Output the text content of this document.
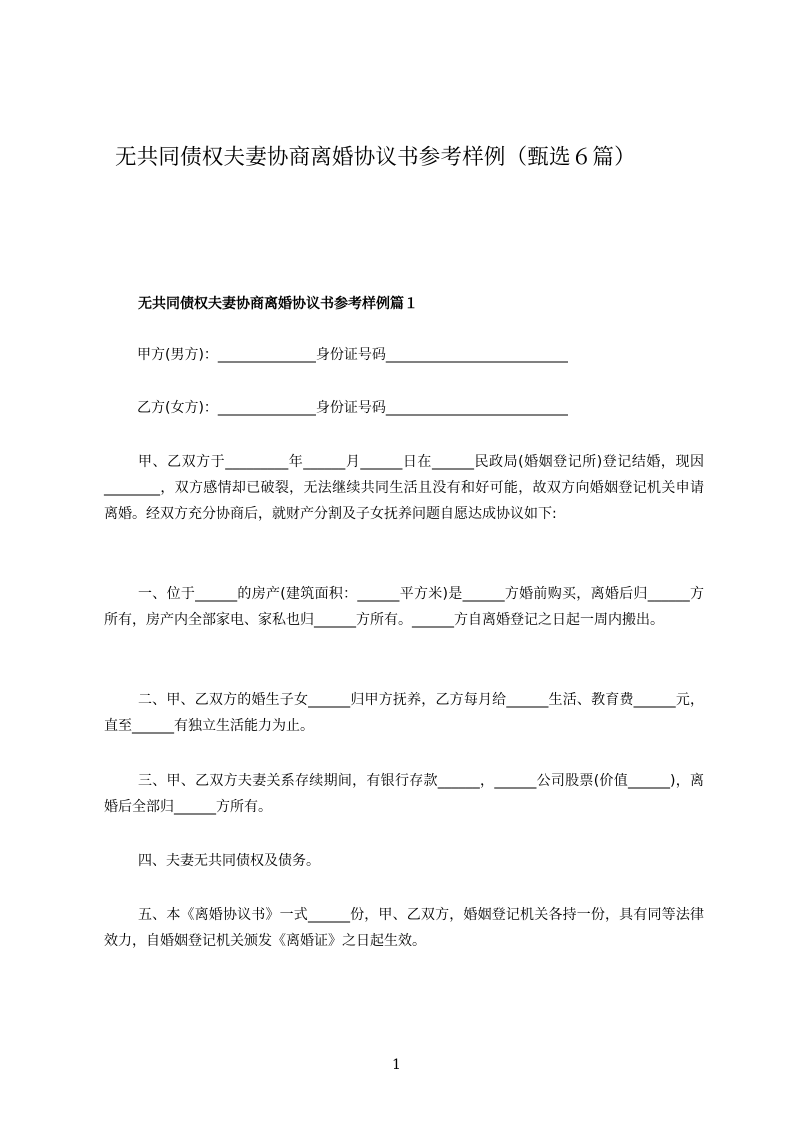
无共同债权夫妻协商离婚协议书参考样例（甄选６篇）
无共同债权夫妻协商离婚协议书参考样例篇１
甲方(男方)：______________身份证号码__________________________
乙方(女方)：______________身份证号码__________________________

甲、乙双方于_________年______月______日在______民政局(婚姻登记所)登记结婚，现因________，双方感情却已破裂，无法继续共同生活且没有和好可能，故双方向婚姻登记机关申请离婚。经双方充分协商后，就财产分割及子女抚养问题自愿达成协议如下:

一、位于______的房产(建筑面积：______平方米)是______方婚前购买，离婚后归______方所有，房产内全部家电、家私也归______方所有。______方自离婚登记之日起一周内搬出。

二、甲、乙双方的婚生子女______归甲方抚养，乙方每月给______生活、教育费______元，直至______有独立生活能力为止。

三、甲、乙双方夫妻关系存续期间，有银行存款______，______公司股票(价值______)，离婚后全部归______方所有。

四、夫妻无共同债权及债务。

五、本《离婚协议书》一式______份，甲、乙双方，婚姻登记机关各持一份，具有同等法律效力，自婚姻登记机关颁发《离婚证》之日起生效。

1
